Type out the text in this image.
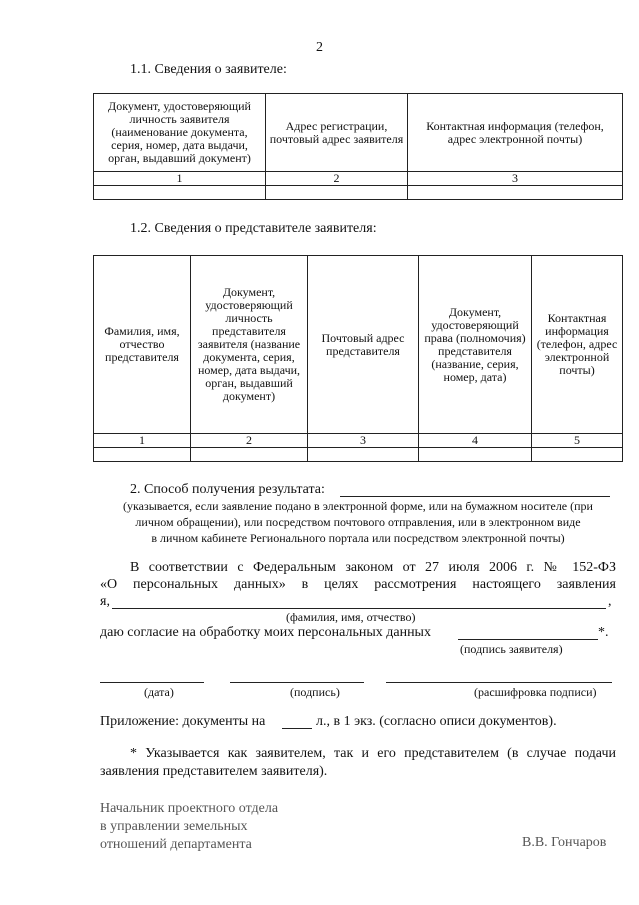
2
1.1. Сведения о заявителе:
Документ, удостоверяющий личность заявителя (наименование документа, серия, номер, дата выдачи, орган, выдавший документ)	Адрес регистрации, почтовый адрес заявителя	Контактная информация (телефон, адрес электронной почты)
1	2	3

1.2. Сведения о представителе заявителя:
Фамилия, имя, отчество представителя	Документ, удостоверяющий личность представителя заявителя (название документа, серия, номер, дата выдачи, орган, выдавший документ)	Почтовый адрес представителя	Документ, удостоверяющий права (полномочия) представителя (название, серия, номер, дата)	Контактная информация (телефон, адрес электронной почты)
1	2	3	4	5

2. Способ получения результата:
(указывается, если заявление подано в электронной форме, или на бумажном носителе (при
личном обращении), или посредством почтового отправления, или в электронном виде
в личном кабинете Регионального портала или посредством электронной почты)
В соответствии с Федеральным законом от 27 июля 2006 г. № 152-ФЗ
«О персональных данных» в целях рассмотрения настоящего заявления
я,	,
(фамилия, имя, отчество)
даю согласие на обработку моих персональных данных	*.
(подпись заявителя)
(дата)	(подпись)	(расшифровка подписи)
Приложение: документы на	л., в 1 экз. (согласно описи документов).
* Указывается как заявителем, так и его представителем (в случае подачи
заявления представителем заявителя).
Начальник проектного отдела
в управлении земельных
отношений департамента	В.В. Гончаров
